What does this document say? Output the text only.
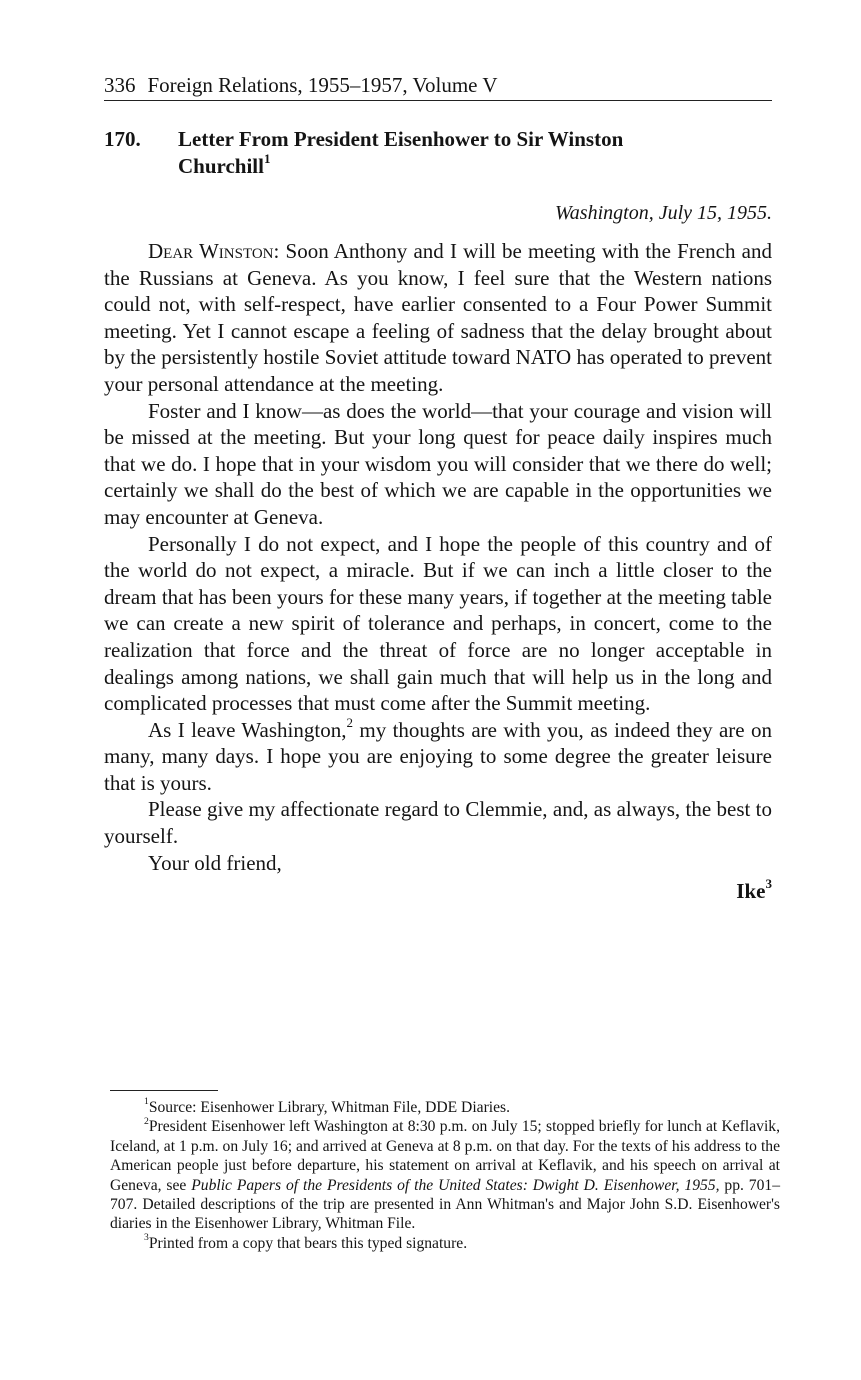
336 Foreign Relations, 1955–1957, Volume V
170. Letter From President Eisenhower to Sir Winston Churchill$^1$
Washington, July 15, 1955.

Dear Winston: Soon Anthony and I will be meeting with the French and the Russians at Geneva. As you know, I feel sure that the Western nations could not, with self-respect, have earlier consented to a Four Power Summit meeting. Yet I cannot escape a feeling of sadness that the delay brought about by the persistently hostile Soviet attitude toward NATO has operated to prevent your personal attendance at the meeting.

Foster and I know—as does the world—that your courage and vision will be missed at the meeting. But your long quest for peace daily inspires much that we do. I hope that in your wisdom you will consider that we there do well; certainly we shall do the best of which we are capable in the opportunities we may encounter at Geneva.

Personally I do not expect, and I hope the people of this country and of the world do not expect, a miracle. But if we can inch a little closer to the dream that has been yours for these many years, if together at the meeting table we can create a new spirit of tolerance and perhaps, in concert, come to the realization that force and the threat of force are no longer acceptable in dealings among nations, we shall gain much that will help us in the long and complicated processes that must come after the Summit meeting.

As I leave Washington,$^2$ my thoughts are with you, as indeed they are on many, many days. I hope you are enjoying to some degree the greater leisure that is yours.

Please give my affectionate regard to Clemmie, and, as always, the best to yourself.

Your old friend,
Ike$^3$

$^1$Source: Eisenhower Library, Whitman File, DDE Diaries.

$^2$President Eisenhower left Washington at 8:30 p.m. on July 15; stopped briefly for lunch at Keflavik, Iceland, at 1 p.m. on July 16; and arrived at Geneva at 8 p.m. on that day. For the texts of his address to the American people just before departure, his statement on arrival at Keflavik, and his speech on arrival at Geneva, see Public Papers of the Presidents of the United States: Dwight D. Eisenhower, 1955, pp. 701–707. Detailed descriptions of the trip are presented in Ann Whitman's and Major John S.D. Eisenhower's diaries in the Eisenhower Library, Whitman File.

$^3$Printed from a copy that bears this typed signature.
